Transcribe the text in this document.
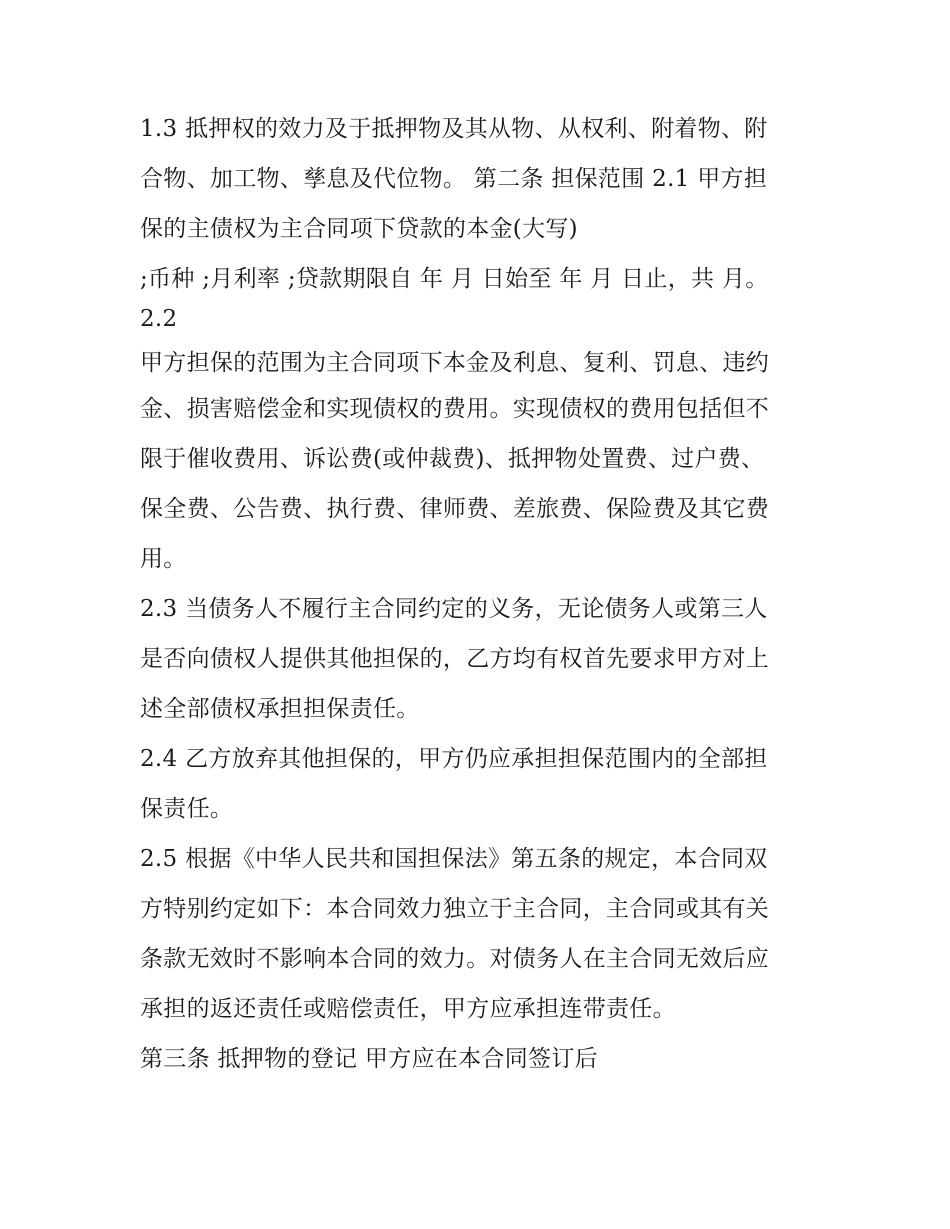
1.3 抵押权的效力及于抵押物及其从物、从权利、附着物、附
合物、加工物、孳息及代位物。 第二条 担保范围 2.1 甲方担
保的主债权为主合同项下贷款的本金(大写)
;币种 ;月利率 ;贷款期限自 年 月 日始至 年 月 日止，共 月。
2.2
甲方担保的范围为主合同项下本金及利息、复利、罚息、违约
金、损害赔偿金和实现债权的费用。实现债权的费用包括但不
限于催收费用、诉讼费(或仲裁费)、抵押物处置费、过户费、
保全费、公告费、执行费、律师费、差旅费、保险费及其它费
用。
2.3 当债务人不履行主合同约定的义务，无论债务人或第三人
是否向债权人提供其他担保的，乙方均有权首先要求甲方对上
述全部债权承担担保责任。
2.4 乙方放弃其他担保的，甲方仍应承担担保范围内的全部担
保责任。
2.5 根据《中华人民共和国担保法》第五条的规定，本合同双
方特别约定如下：本合同效力独立于主合同，主合同或其有关
条款无效时不影响本合同的效力。对债务人在主合同无效后应
承担的返还责任或赔偿责任，甲方应承担连带责任。
第三条 抵押物的登记 甲方应在本合同签订后
